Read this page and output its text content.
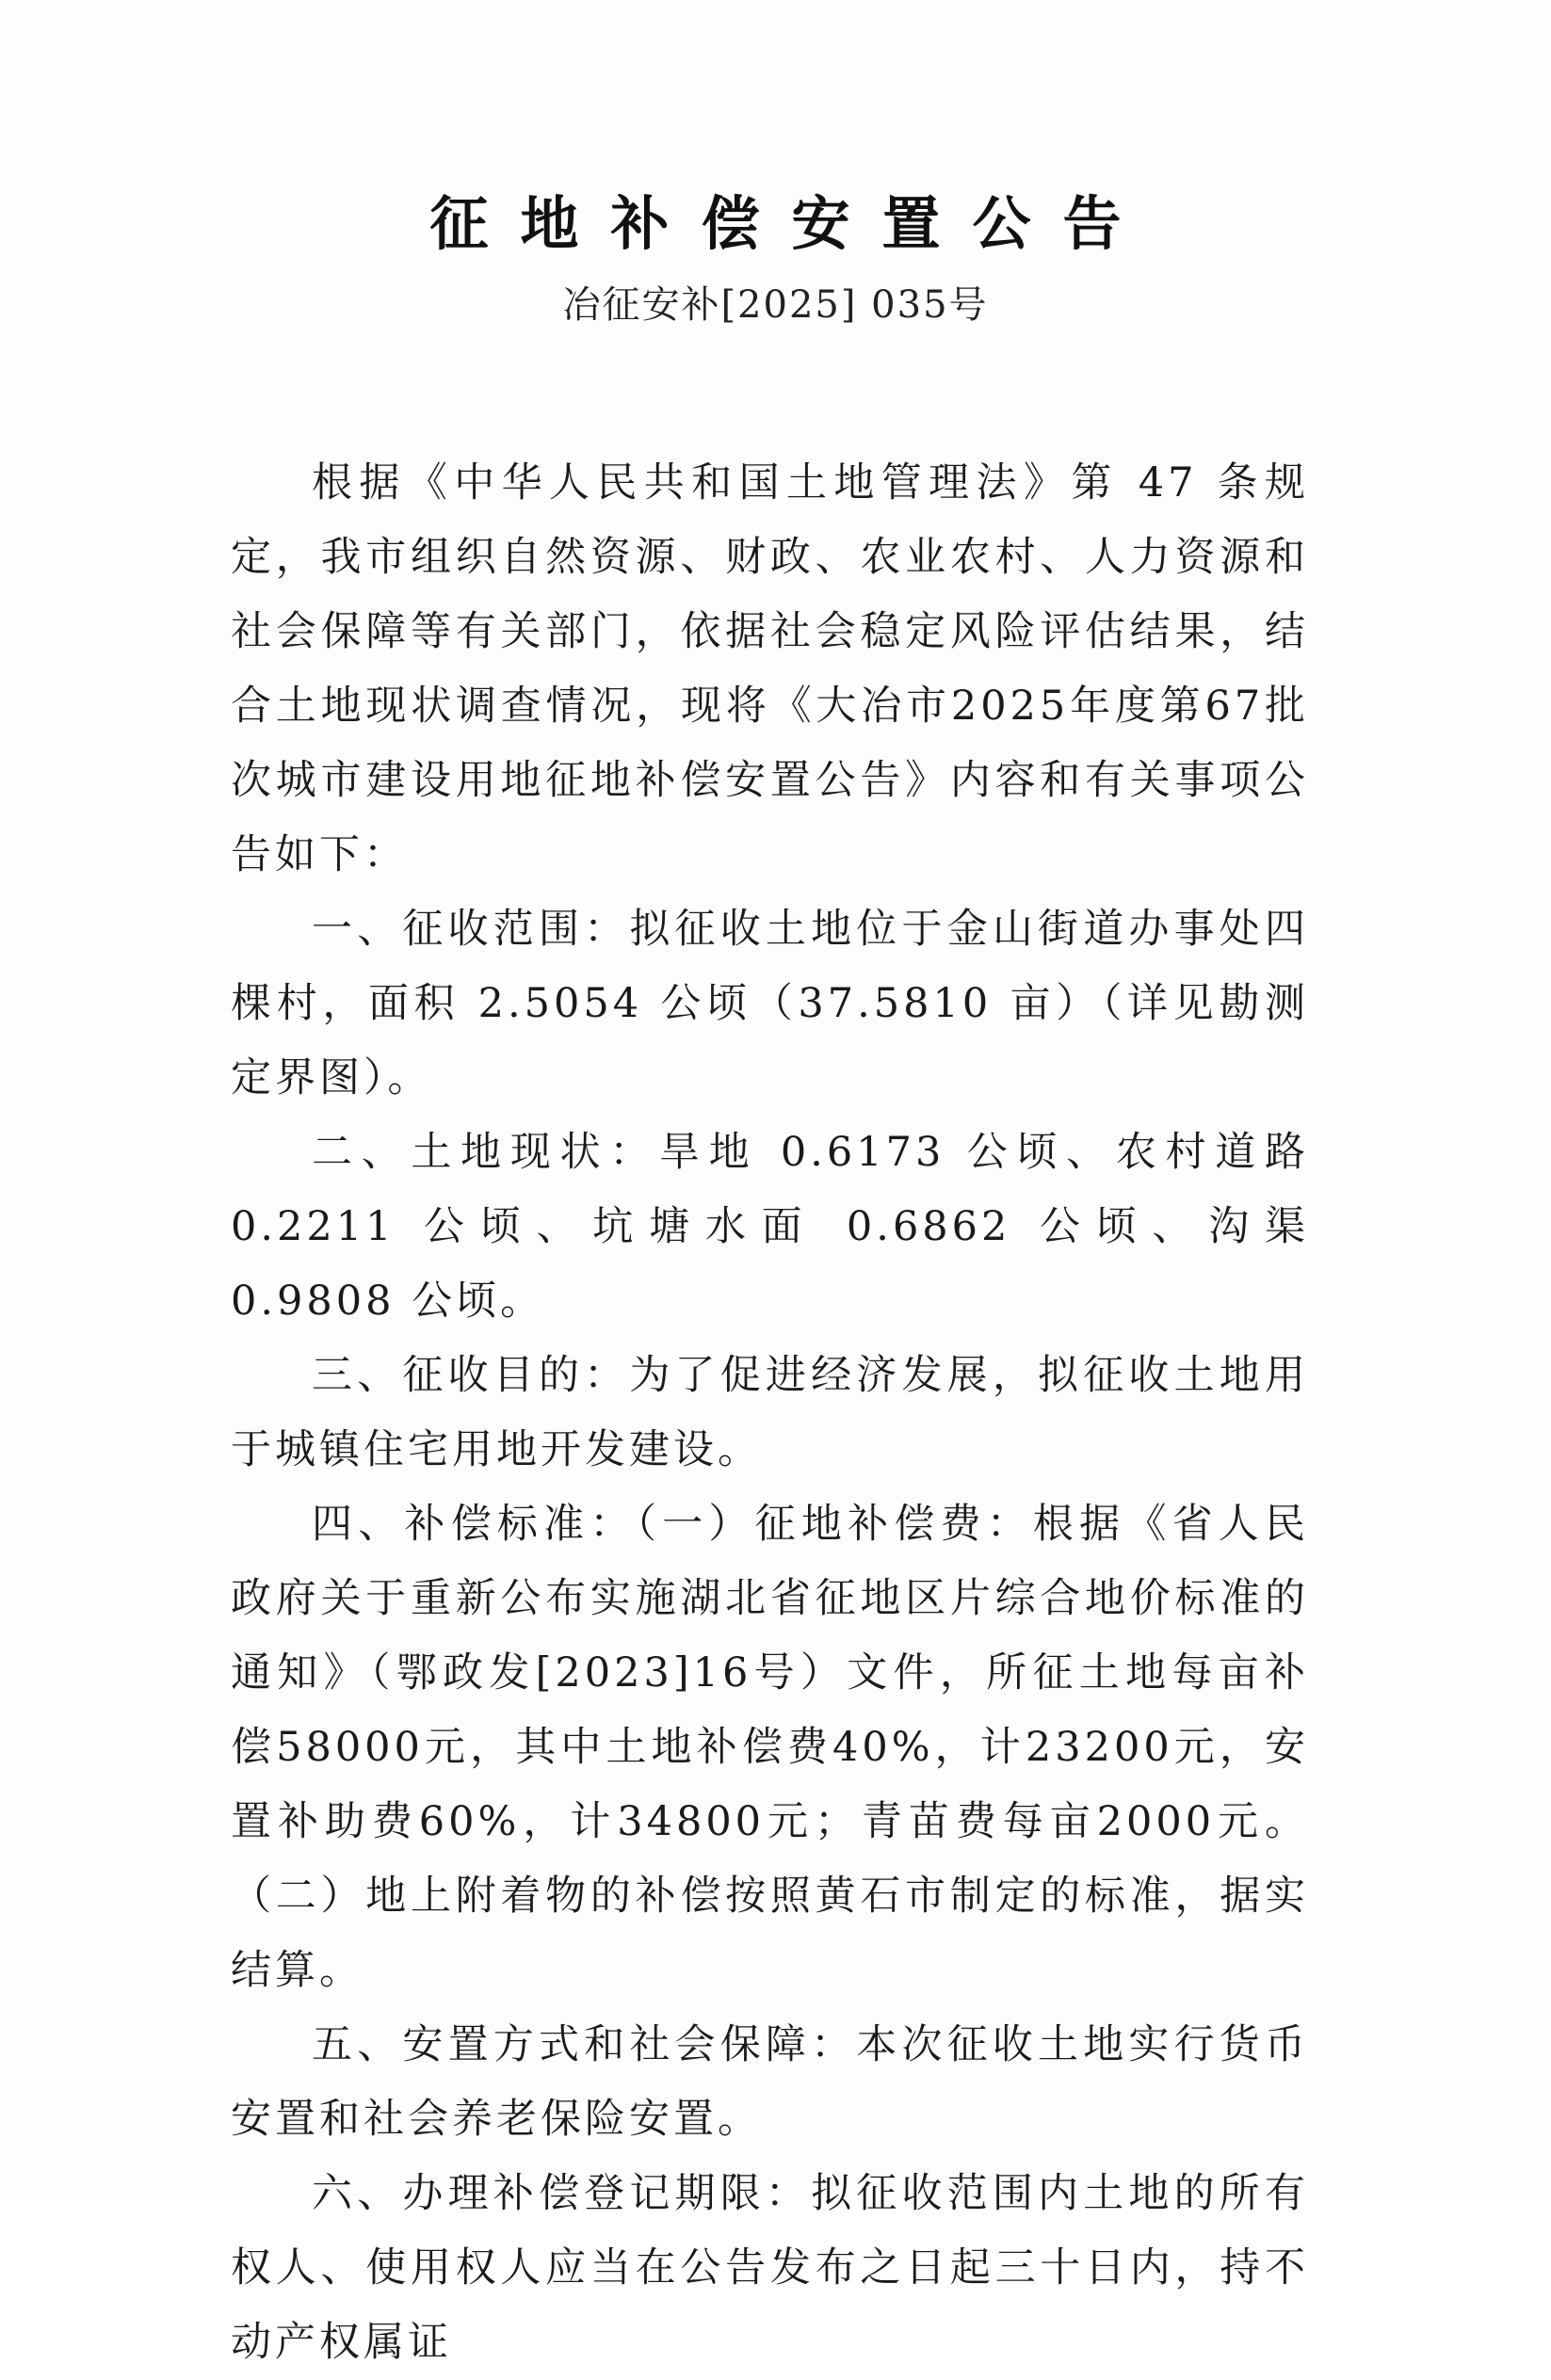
征地补偿安置公告
冶征安补[2025] 035号

根据《中华人民共和国土地管理法》第 47 条规定，我市组织自然资源、财政、农业农村、人力资源和社会保障等有关部门，依据社会稳定风险评估结果，结合土地现状调查情况，现将《大冶市2025年度第67批次城市建设用地征地补偿安置公告》内容和有关事项公告如下：

一、征收范围：拟征收土地位于金山街道办事处四棵村，面积 2.5054 公顷（37.5810 亩）（详见勘测定界图）。

二、土地现状：旱地 0.6173 公顷、农村道路 0.2211 公顷、坑塘水面 0.6862 公顷、沟渠 0.9808 公顷。

三、征收目的：为了促进经济发展，拟征收土地用于城镇住宅用地开发建设。

四、补偿标准：（一）征地补偿费：根据《省人民政府关于重新公布实施湖北省征地区片综合地价标准的通知》（鄂政发[2023]16号）文件，所征土地每亩补偿58000元，其中土地补偿费40%，计23200元，安置补助费60%，计34800元；青苗费每亩2000元。（二）地上附着物的补偿按照黄石市制定的标准，据实结算。

五、安置方式和社会保障：本次征收土地实行货币安置和社会养老保险安置。

六、办理补偿登记期限：拟征收范围内土地的所有权人、使用权人应当在公告发布之日起三十日内，持不动产权属证
